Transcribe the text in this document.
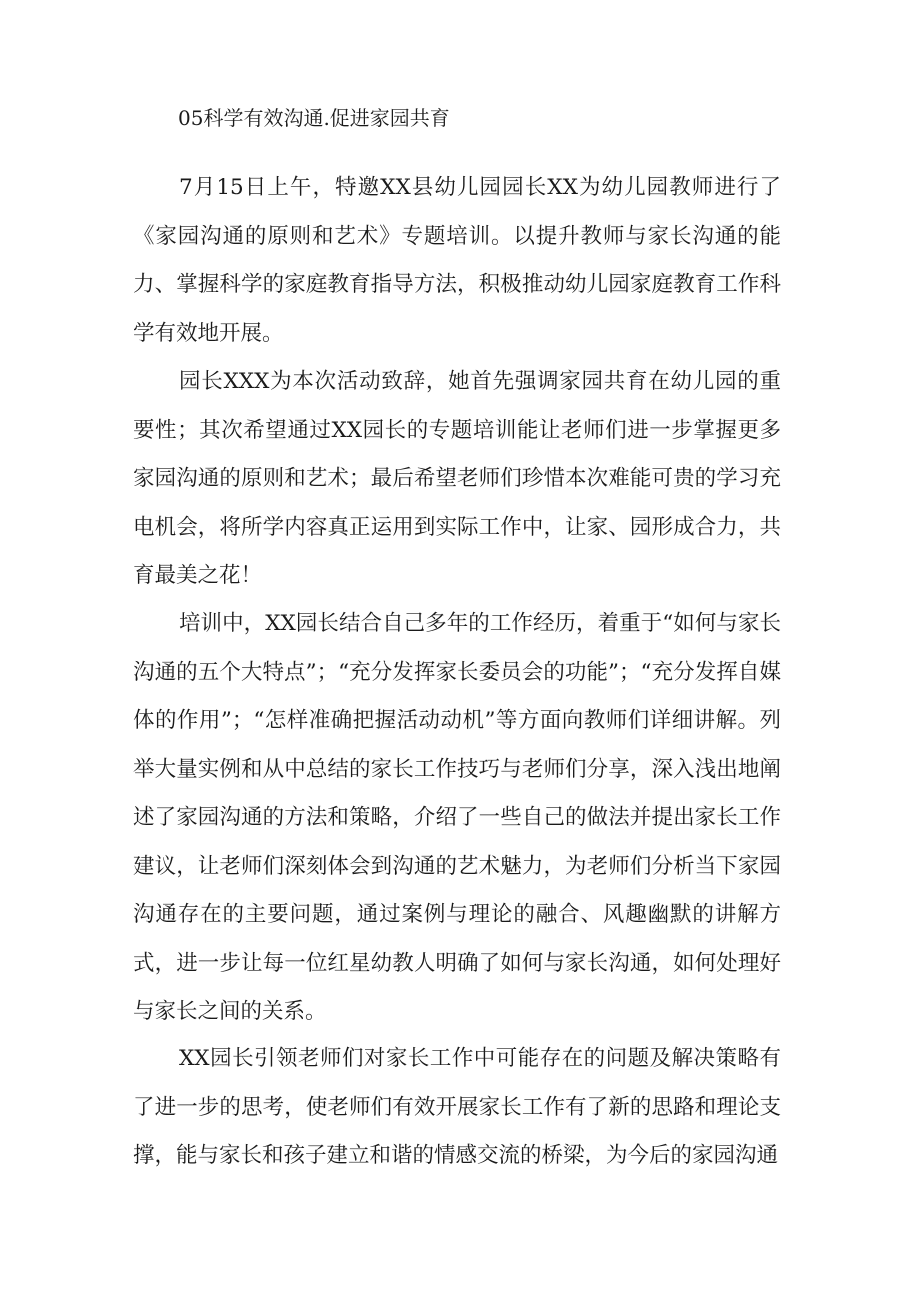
05科学有效沟通.促进家园共育

7月15日上午，特邀XX县幼儿园园长XX为幼儿园教师进行了《家园沟通的原则和艺术》专题培训。以提升教师与家长沟通的能力、掌握科学的家庭教育指导方法，积极推动幼儿园家庭教育工作科学有效地开展。

园长XXX为本次活动致辞，她首先强调家园共育在幼儿园的重要性；其次希望通过XX园长的专题培训能让老师们进一步掌握更多家园沟通的原则和艺术；最后希望老师们珍惜本次难能可贵的学习充电机会，将所学内容真正运用到实际工作中，让家、园形成合力，共育最美之花！

培训中，XX园长结合自己多年的工作经历，着重于“如何与家长沟通的五个大特点”；“充分发挥家长委员会的功能”；“充分发挥自媒体的作用”；“怎样准确把握活动动机”等方面向教师们详细讲解。列举大量实例和从中总结的家长工作技巧与老师们分享，深入浅出地阐述了家园沟通的方法和策略，介绍了一些自己的做法并提出家长工作建议，让老师们深刻体会到沟通的艺术魅力，为老师们分析当下家园沟通存在的主要问题，通过案例与理论的融合、风趣幽默的讲解方式，进一步让每一位红星幼教人明确了如何与家长沟通，如何处理好与家长之间的关系。

XX园长引领老师们对家长工作中可能存在的问题及解决策略有了进一步的思考，使老师们有效开展家长工作有了新的思路和理论支撑，能与家长和孩子建立和谐的情感交流的桥梁，为今后的家园沟通
